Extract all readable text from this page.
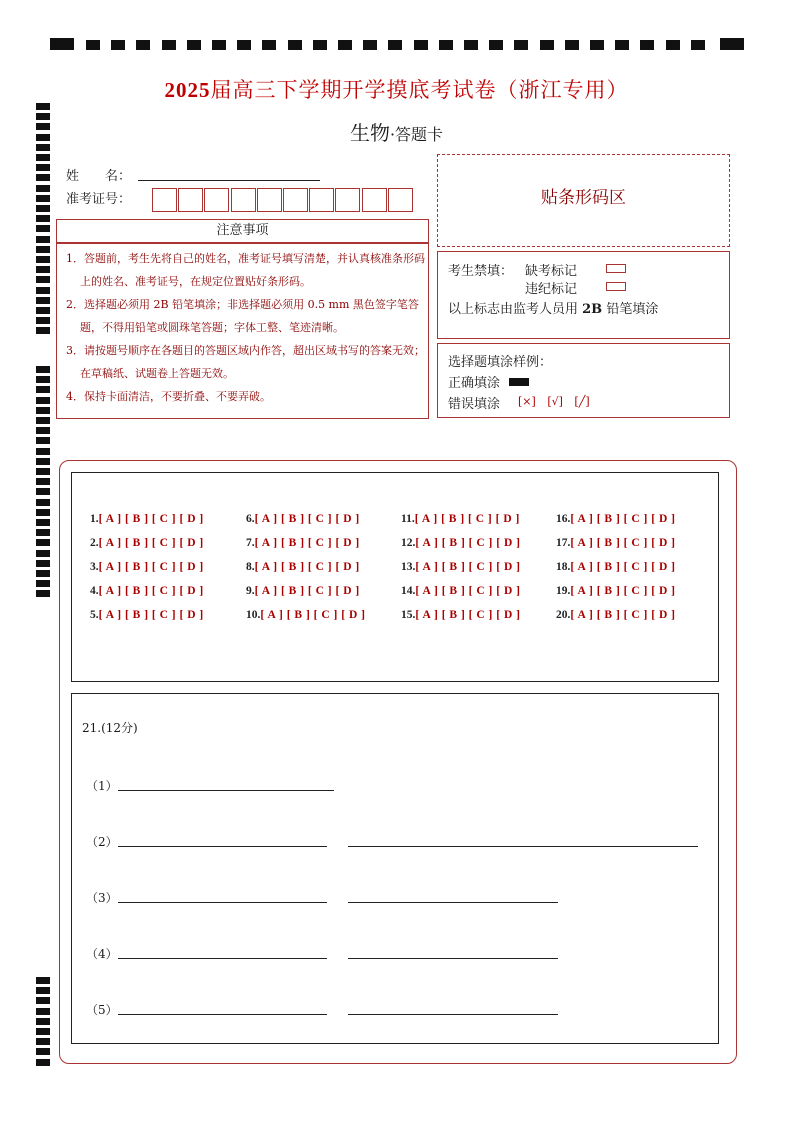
2025届高三下学期开学摸底考试卷（浙江专用）
生物·答题卡
姓　　名：
准考证号：
注意事项
1．答题前，考生先将自己的姓名，准考证号填写清楚，并认真核准条形码上的姓名、准考证号，在规定位置贴好条形码。
2．选择题必须用 2B 铅笔填涂；非选择题必须用 0.5 mm 黑色签字笔答题，不得用铅笔或圆珠笔答题；字体工整、笔迹清晰。
3．请按题号顺序在各题目的答题区域内作答，超出区域书写的答案无效；在草稿纸、试题卷上答题无效。
4．保持卡面清洁，不要折叠、不要弄破。
贴条形码区
考生禁填： 缺考标记
违纪标记
以上标志由监考人员用 2B 铅笔填涂
选择题填涂样例：
正确填涂
错误填涂 [×] [√] [╱]
1.[ A ] [ B ] [ C ] [ D ]
2.[ A ] [ B ] [ C ] [ D ]
3.[ A ] [ B ] [ C ] [ D ]
4.[ A ] [ B ] [ C ] [ D ]
5.[ A ] [ B ] [ C ] [ D ]
6.[ A ] [ B ] [ C ] [ D ]
7.[ A ] [ B ] [ C ] [ D ]
8.[ A ] [ B ] [ C ] [ D ]
9.[ A ] [ B ] [ C ] [ D ]
10.[ A ] [ B ] [ C ] [ D ]
11.[ A ] [ B ] [ C ] [ D ]
12.[ A ] [ B ] [ C ] [ D ]
13.[ A ] [ B ] [ C ] [ D ]
14.[ A ] [ B ] [ C ] [ D ]
15.[ A ] [ B ] [ C ] [ D ]
16.[ A ] [ B ] [ C ] [ D ]
17.[ A ] [ B ] [ C ] [ D ]
18.[ A ] [ B ] [ C ] [ D ]
19.[ A ] [ B ] [ C ] [ D ]
20.[ A ] [ B ] [ C ] [ D ]
21.(12分)
（1）
（2）
（3）
（4）
（5）
